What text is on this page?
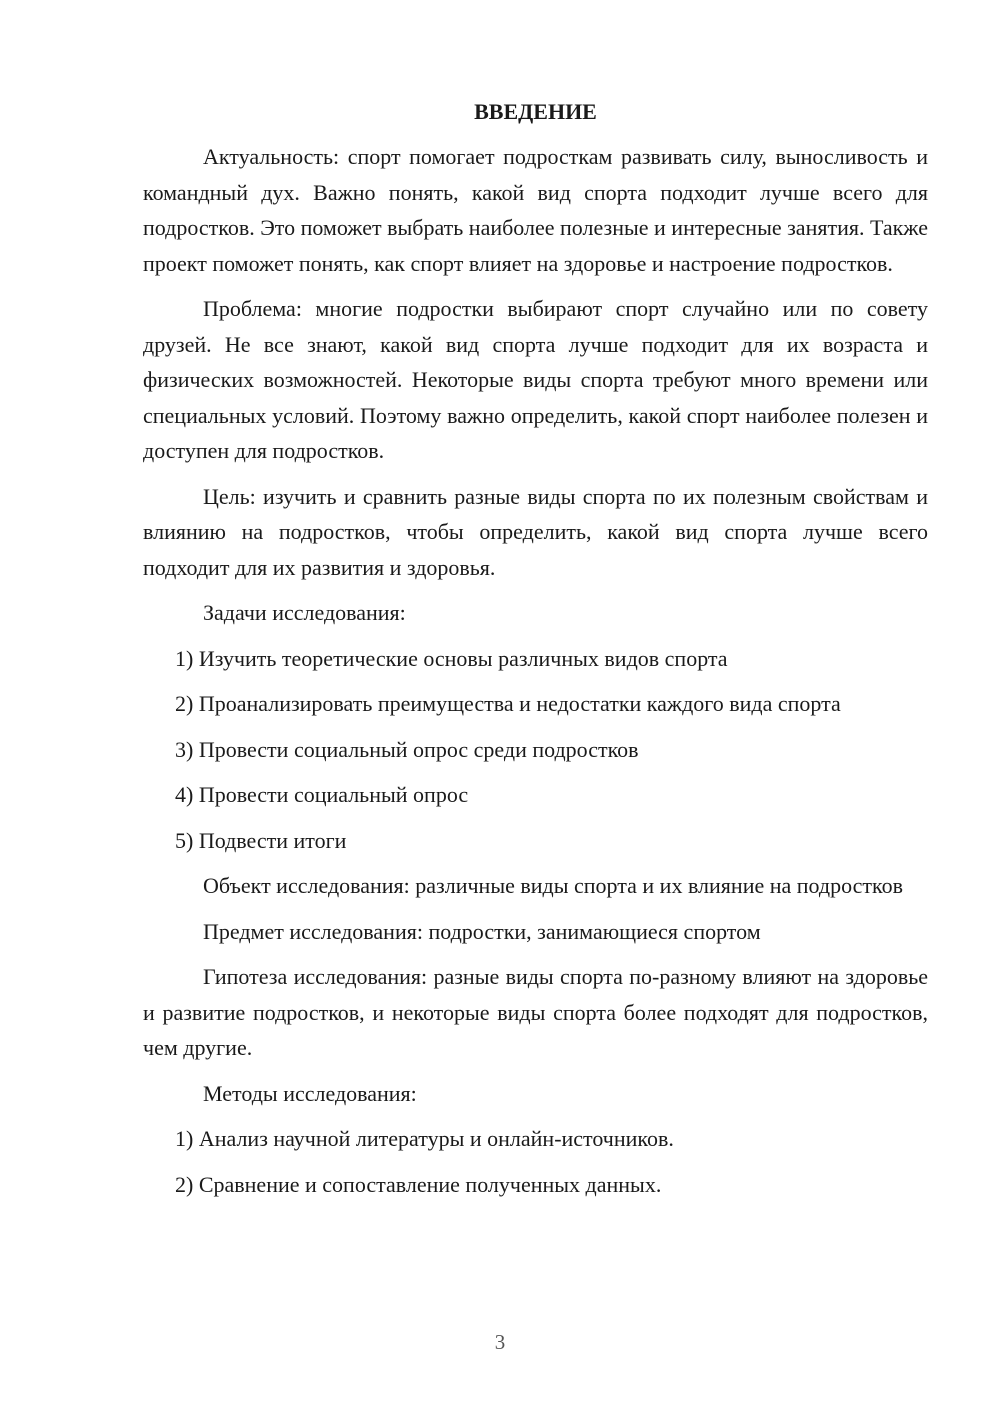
ВВЕДЕНИЕ

Актуальность: спорт помогает подросткам развивать силу, выносливость и командный дух. Важно понять, какой вид спорта подходит лучше всего для подростков. Это поможет выбрать наиболее полезные и интересные занятия. Также проект поможет понять, как спорт влияет на здоровье и настроение подростков.

Проблема: многие подростки выбирают спорт случайно или по совету друзей. Не все знают, какой вид спорта лучше подходит для их возраста и физических возможностей. Некоторые виды спорта требуют много времени или специальных условий. Поэтому важно определить, какой спорт наиболее полезен и доступен для подростков.

Цель: изучить и сравнить разные виды спорта по их полезным свойствам и влиянию на подростков, чтобы определить, какой вид спорта лучше всего подходит для их развития и здоровья.

Задачи исследования:

1) Изучить теоретические основы различных видов спорта

2) Проанализировать преимущества и недостатки каждого вида спорта

3) Провести социальный опрос среди подростков

4) Провести социальный опрос

5) Подвести итоги

Объект исследования: различные виды спорта и их влияние на подростков

Предмет исследования: подростки, занимающиеся спортом

Гипотеза исследования: разные виды спорта по-разному влияют на здоровье и развитие подростков, и некоторые виды спорта более подходят для подростков, чем другие.

Методы исследования:

1) Анализ научной литературы и онлайн-источников.

2) Сравнение и сопоставление полученных данных.

3
